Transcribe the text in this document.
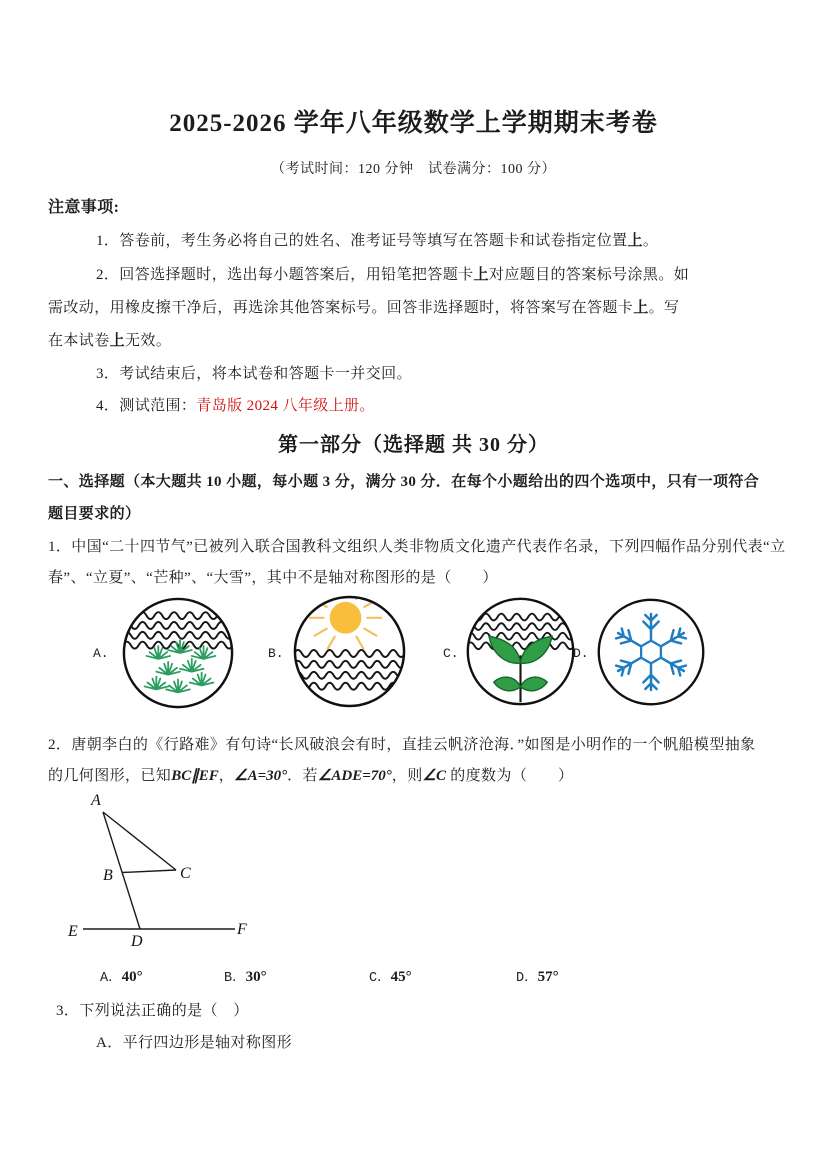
2025-2026 学年八年级数学上学期期末考卷
（考试时间：120 分钟　试卷满分：100 分）
注意事项:
1．答卷前，考生务必将自己的姓名、准考证号等填写在答题卡和试卷指定位置上。
2．回答选择题时，选出每小题答案后，用铅笔把答题卡上对应题目的答案标号涂黑。如
需改动，用橡皮擦干净后，再选涂其他答案标号。回答非选择题时，将答案写在答题卡上。写
在本试卷上无效。
3．考试结束后，将本试卷和答题卡一并交回。
4．测试范围：青岛版 2024 八年级上册。
第一部分（选择题 共 30 分）
一、选择题（本大题共 10 小题，每小题 3 分，满分 30 分．在每个小题给出的四个选项中，只有一项符合
题目要求的）
1．中国“二十四节气”已被列入联合国教科文组织人类非物质文化遗产代表作名录，下列四幅作品分别代表“立
春”、“立夏”、“芒种”、“大雪”，其中不是轴对称图形的是（　　）
A.	B.	C.	D.
2．唐朝李白的《行路难》有句诗“长风破浪会有时，直挂云帆济沧海．”如图是小明作的一个帆船模型抽象
的几何图形，已知BC∥EF，∠A=30°．若∠ADE=70°，则∠C 的度数为（　　）
A
B	C
D
E	F
A．40°	B．30°	C．45°	D．57°
3．下列说法正确的是（　）
A．平行四边形是轴对称图形
